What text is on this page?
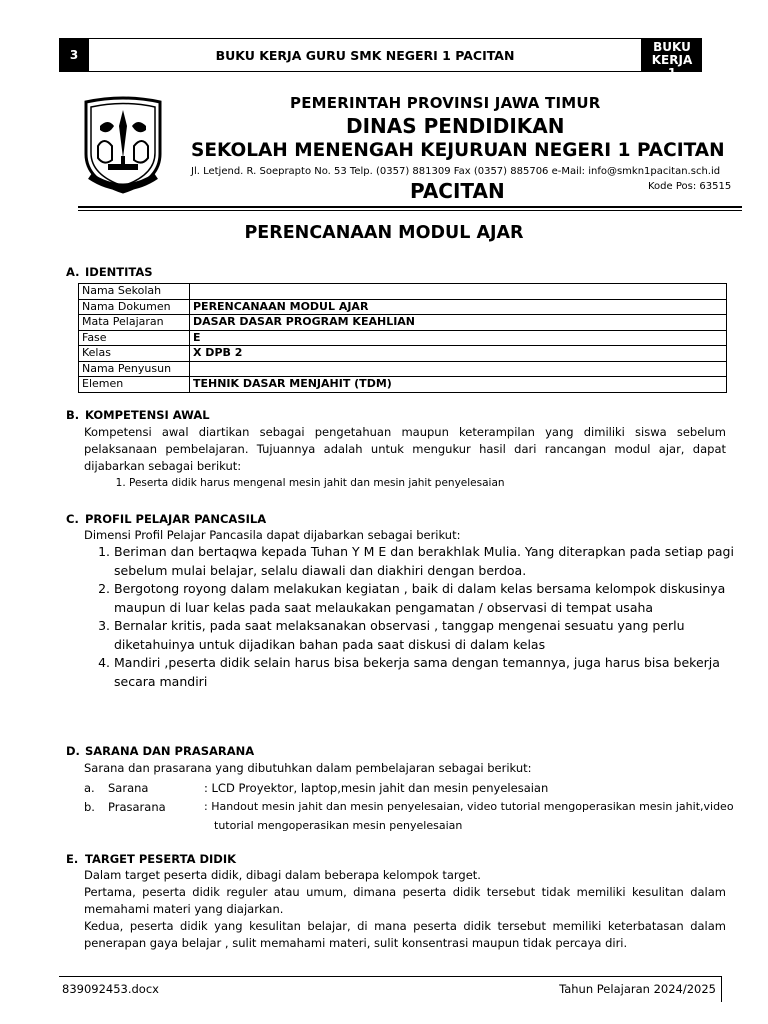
3	BUKU KERJA GURU SMK NEGERI 1 PACITAN
BUKU KERJA
1
PEMERINTAH PROVINSI JAWA TIMUR
DINAS PENDIDIKAN
SEKOLAH MENENGAH KEJURUAN NEGERI 1 PACITAN
Jl. Letjend. R. Soeprapto No. 53 Telp. (0357) 881309 Fax (0357) 885706 e-Mail: info@smkn1pacitan.sch.id
Kode Pos: 63515
PACITAN
PERENCANAAN MODUL AJAR
A. IDENTITAS
Nama Sekolah	
Nama Dokumen	PERENCANAAN MODUL AJAR
Mata Pelajaran	DASAR DASAR PROGRAM KEAHLIAN
Fase	E
Kelas	X DPB 2
Nama Penyusun	
Elemen	TEHNIK DASAR MENJAHIT (TDM)
B. KOMPETENSI AWAL
Kompetensi awal diartikan sebagai pengetahuan maupun keterampilan yang dimiliki siswa sebelum pelaksanaan pembelajaran. Tujuannya adalah untuk mengukur hasil dari rancangan modul ajar, dapat dijabarkan sebagai berikut:
1. Peserta didik harus mengenal mesin jahit dan mesin jahit penyelesaian
C. PROFIL PELAJAR PANCASILA
Dimensi Profil Pelajar Pancasila dapat dijabarkan sebagai berikut:
1. Beriman dan bertaqwa kepada Tuhan Y M E dan berakhlak Mulia. Yang diterapkan pada setiap pagi sebelum mulai belajar, selalu diawali dan diakhiri dengan berdoa.
2. Bergotong royong dalam melakukan kegiatan , baik di dalam kelas bersama kelompok diskusinya maupun di luar kelas pada saat melaukakan pengamatan / observasi di tempat usaha
3. Bernalar kritis, pada saat melaksanakan observasi , tanggap mengenai sesuatu yang perlu diketahuinya untuk dijadikan bahan pada saat diskusi di dalam kelas
4. Mandiri ,peserta didik selain harus bisa bekerja sama dengan temannya, juga harus bisa bekerja secara mandiri
D. SARANA DAN PRASARANA
Sarana dan prasarana yang dibutuhkan dalam pembelajaran sebagai berikut:
a. Sarana	: LCD Proyektor, laptop,mesin jahit dan mesin penyelesaian
b. Prasarana	: Handout mesin jahit dan mesin penyelesaian, video tutorial mengoperasikan mesin jahit,video
tutorial mengoperasikan mesin penyelesaian
E. TARGET PESERTA DIDIK
Dalam target peserta didik, dibagi dalam beberapa kelompok target.
Pertama, peserta didik reguler atau umum, dimana peserta didik tersebut tidak memiliki kesulitan dalam memahami materi yang diajarkan.
Kedua, peserta didik yang kesulitan belajar, di mana peserta didik tersebut memiliki keterbatasan dalam penerapan gaya belajar , sulit memahami materi, sulit konsentrasi maupun tidak percaya diri.
839092453.docx	Tahun Pelajaran 2024/2025
